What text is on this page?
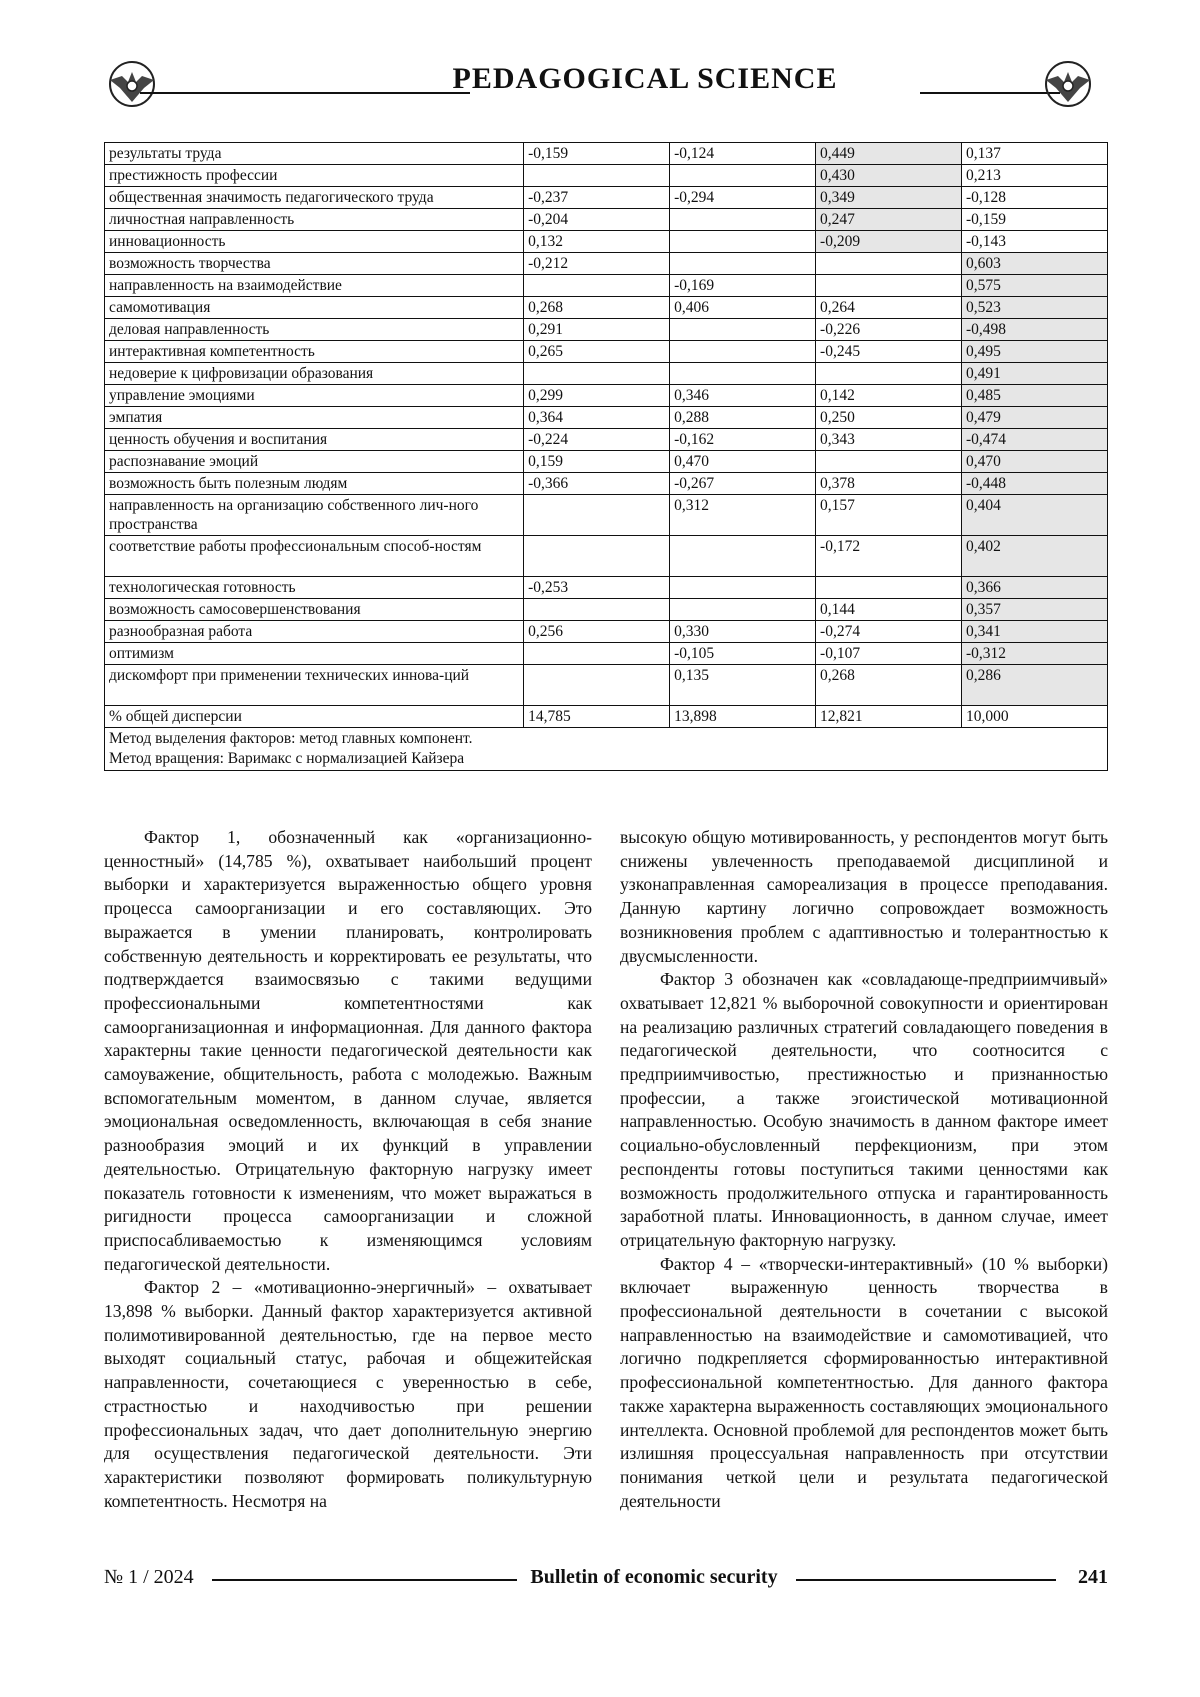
PEDAGOGICAL SCIENCE
результаты труда	-0,159	-0,124	0,449	0,137
престижность профессии			0,430	0,213
общественная значимость педагогического труда	-0,237	-0,294	0,349	-0,128
личностная направленность	-0,204		0,247	-0,159
инновационность	0,132		-0,209	-0,143
возможность творчества	-0,212			0,603
направленность на взаимодействие		-0,169		0,575
самомотивация	0,268	0,406	0,264	0,523
деловая направленность	0,291		-0,226	-0,498
интерактивная компетентность	0,265		-0,245	0,495
недоверие к цифровизации образования				0,491
управление эмоциями	0,299	0,346	0,142	0,485
эмпатия	0,364	0,288	0,250	0,479
ценность обучения и воспитания	-0,224	-0,162	0,343	-0,474
распознавание эмоций	0,159	0,470		0,470
возможность быть полезным людям	-0,366	-0,267	0,378	-0,448
направленность на организацию собственного лич-ного пространства		0,312	0,157	0,404
соответствие работы профессиональным способ-ностям			-0,172	0,402
технологическая готовность	-0,253			0,366
возможность самосовершенствования			0,144	0,357
разнообразная работа	0,256	0,330	-0,274	0,341
оптимизм		-0,105	-0,107	-0,312
дискомфорт при применении технических иннова-ций		0,135	0,268	0,286
% общей дисперсии	14,785	13,898	12,821	10,000

Метод выделения факторов: метод главных компонент.
Метод вращения: Варимакс с нормализацией Кайзера				

Фактор 1, обозначенный как «организационно-ценностный» (14,785 %), охватывает наибольший процент выборки и характеризуется выраженностью общего уровня процесса самоорганизации и его составляющих. Это выражается в умении планировать, контролировать собственную деятельность и корректировать ее результаты, что подтверждается взаимосвязью с такими ведущими профессиональными компетентностями как самоорганизационная и информационная. Для данного фактора характерны такие ценности педагогической деятельности как самоуважение, общительность, работа с молодежью. Важным вспомогательным моментом, в данном случае, является эмоциональная осведомленность, включающая в себя знание разнообразия эмоций и их функций в управлении деятельностью. Отрицательную факторную нагрузку имеет показатель готовности к изменениям, что может выражаться в ригидности процесса самоорганизации и сложной приспосабливаемостью к изменяющимся условиям педагогической деятельности.

Фактор 2 – «мотивационно-энергичный» – охватывает 13,898 % выборки. Данный фактор характеризуется активной полимотивированной деятельностью, где на первое место выходят социальный статус, рабочая и общежитейская направленности, сочетающиеся с уверенностью в себе, страстностью и находчивостью при решении профессиональных задач, что дает дополнительную энергию для осуществления педагогической деятельности. Эти характеристики позволяют формировать поликультурную компетентность. Несмотря на

высокую общую мотивированность, у респондентов могут быть снижены увлеченность преподаваемой дисциплиной и узконаправленная самореализация в процессе преподавания. Данную картину логично сопровождает возможность возникновения проблем с адаптивностью и толерантностью к двусмысленности.

Фактор 3 обозначен как «совладающе-предприимчивый» охватывает 12,821 % выборочной совокупности и ориентирован на реализацию различных стратегий совладающего поведения в педагогической деятельности, что соотносится с предприимчивостью, престижностью и признанностью профессии, а также эгоистической мотивационной направленностью. Особую значимость в данном факторе имеет социально-обусловленный перфекционизм, при этом респонденты готовы поступиться такими ценностями как возможность продолжительного отпуска и гарантированность заработной платы. Инновационность, в данном случае, имеет отрицательную факторную нагрузку.

Фактор 4 – «творчески-интерактивный» (10 % выборки) включает выраженную ценность творчества в профессиональной деятельности в сочетании с высокой направленностью на взаимодействие и самомотивацией, что логично подкрепляется сформированностью интерактивной профессиональной компетентностью. Для данного фактора также характерна выраженность составляющих эмоционального интеллекта. Основной проблемой для респондентов может быть излишняя процессуальная направленность при отсутствии понимания четкой цели и результата педагогической деятельности

№ 1 / 2024	Bulletin of economic security	241
